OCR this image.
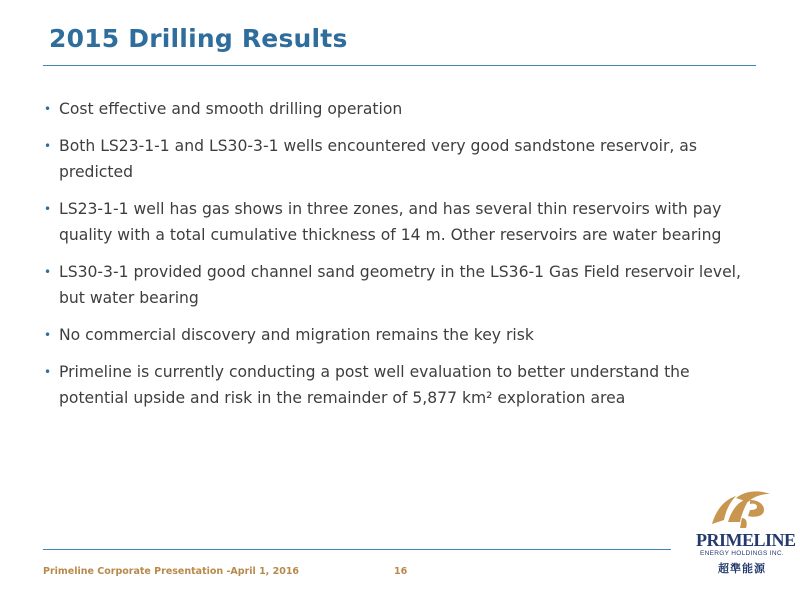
2015 Drilling Results
• Cost effective and smooth drilling operation
• Both LS23-1-1 and LS30-3-1 wells encountered very good sandstone reservoir, as predicted
• LS23-1-1 well has gas shows in three zones, and has several thin reservoirs with pay quality with a total cumulative thickness of 14 m. Other reservoirs are water bearing
• LS30-3-1 provided good channel sand geometry in the LS36-1 Gas Field reservoir level, but water bearing
• No commercial discovery and migration remains the key risk
• Primeline is currently conducting a post well evaluation to better understand the potential upside and risk in the remainder of 5,877 km² exploration area
Primeline Corporate Presentation -April 1, 2016	16
PRIMELINE
ENERGY HOLDINGS INC.
超準能源
